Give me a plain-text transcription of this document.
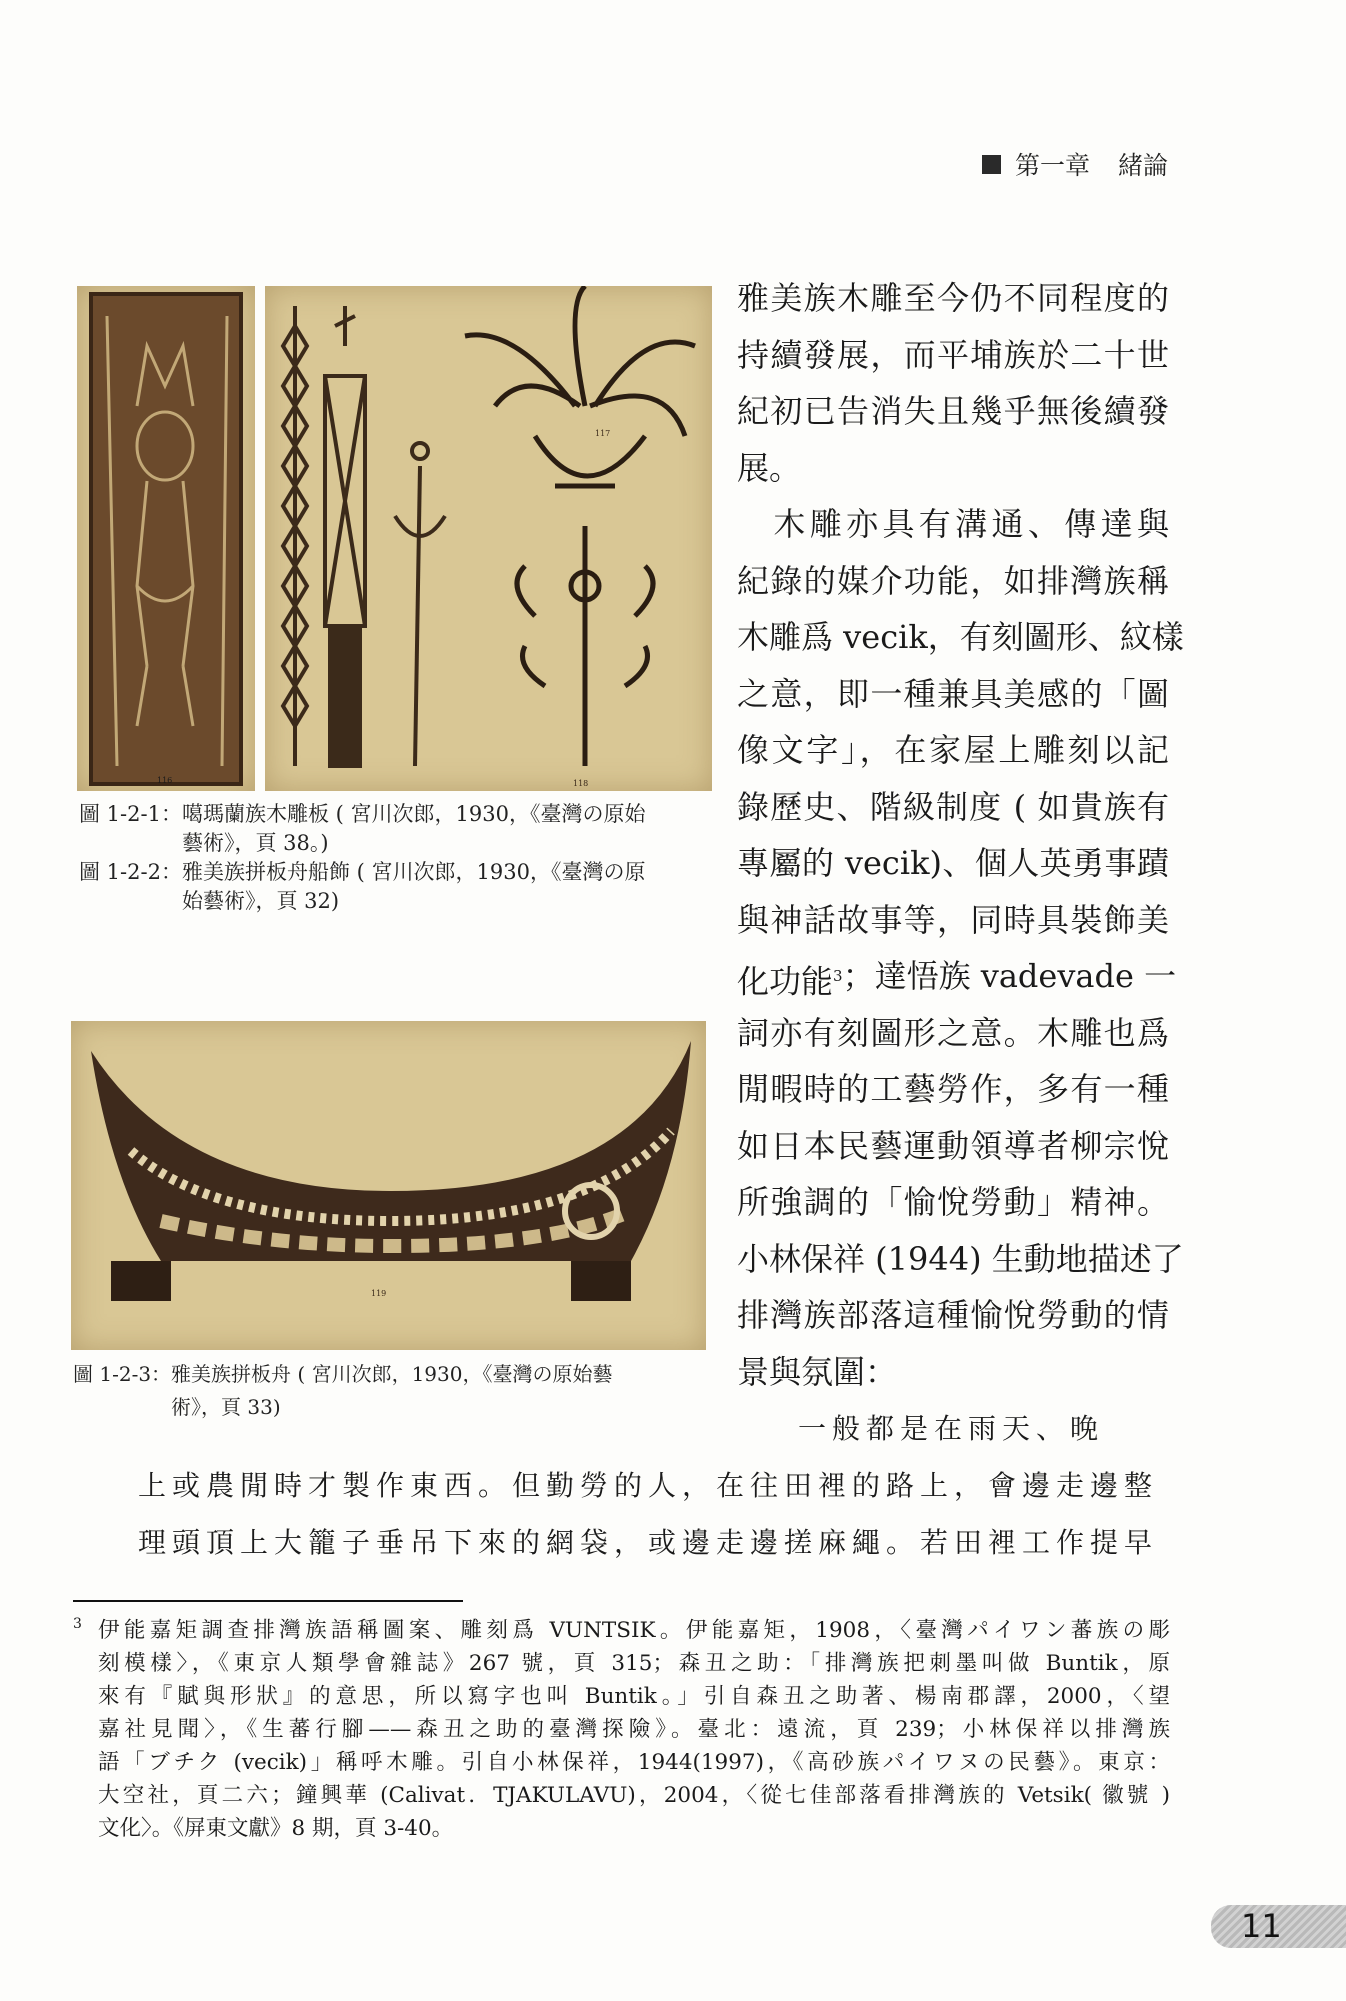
第一章 緒論
116
117
118
圖 1-2-1： 噶瑪蘭族木雕板 ( 宮川次郎，1930，《臺灣の原始
藝術》，頁 38。)
圖 1-2-2： 雅美族拼板舟船飾 ( 宮川次郎，1930，《臺灣の原
始藝術》，頁 32)
119
圖 1-2-3： 雅美族拼板舟 ( 宮川次郎，1930，《臺灣の原始藝
術》，頁 33)
雅美族木雕至今仍不同程度的
持續發展，而平埔族於二十世
紀初已告消失且幾乎無後續發
展。
　木雕亦具有溝通、傳達與
紀錄的媒介功能，如排灣族稱
木雕爲 vecik，有刻圖形、紋樣
之意，即一種兼具美感的「圖
像文字」，在家屋上雕刻以記
錄歷史、階級制度 ( 如貴族有
專屬的 vecik)、個人英勇事蹟
與神話故事等，同時具裝飾美
化功能$^3$ ；達悟族 vadevade 一
詞亦有刻圖形之意。木雕也爲
閒暇時的工藝勞作，多有一種
如日本民藝運動領導者柳宗悅
所強調的「愉悅勞動」精神。
小林保祥 (1944) 生動地描述了
排灣族部落這種愉悅勞動的情
景與氛圍：
一般都是在雨天、晚
上或農閒時才製作東西。但勤勞的人，在往田裡的路上，會邊走邊整
理頭頂上大籠子垂吊下來的網袋，或邊走邊搓麻繩。若田裡工作提早
3 伊能嘉矩調查排灣族語稱圖案、雕刻爲 VUNTSIK。伊能嘉矩，1908，〈臺灣パイワン蕃族の彫
刻模樣〉，《東京人類學會雜誌》267 號，頁 315；森丑之助：「排灣族把刺墨叫做 Buntik，原
來有『賦與形狀』的意思，所以寫字也叫 Buntik。」引自森丑之助著、楊南郡譯，2000，〈望
嘉社見聞〉，《生蕃行腳——森丑之助的臺灣探險》。臺北：遠流，頁 239；小林保祥以排灣族
語「ブチク (vecik)」稱呼木雕。引自小林保祥，1944(1997)，《高砂族パイワヌの民藝》。東京：
大空社，頁二六；鐘興華 (Calivat．TJAKULAVU)，2004，〈從七佳部落看排灣族的 Vetsik( 徽號 )
文化〉。《屏東文獻》8 期，頁 3-40。
11
